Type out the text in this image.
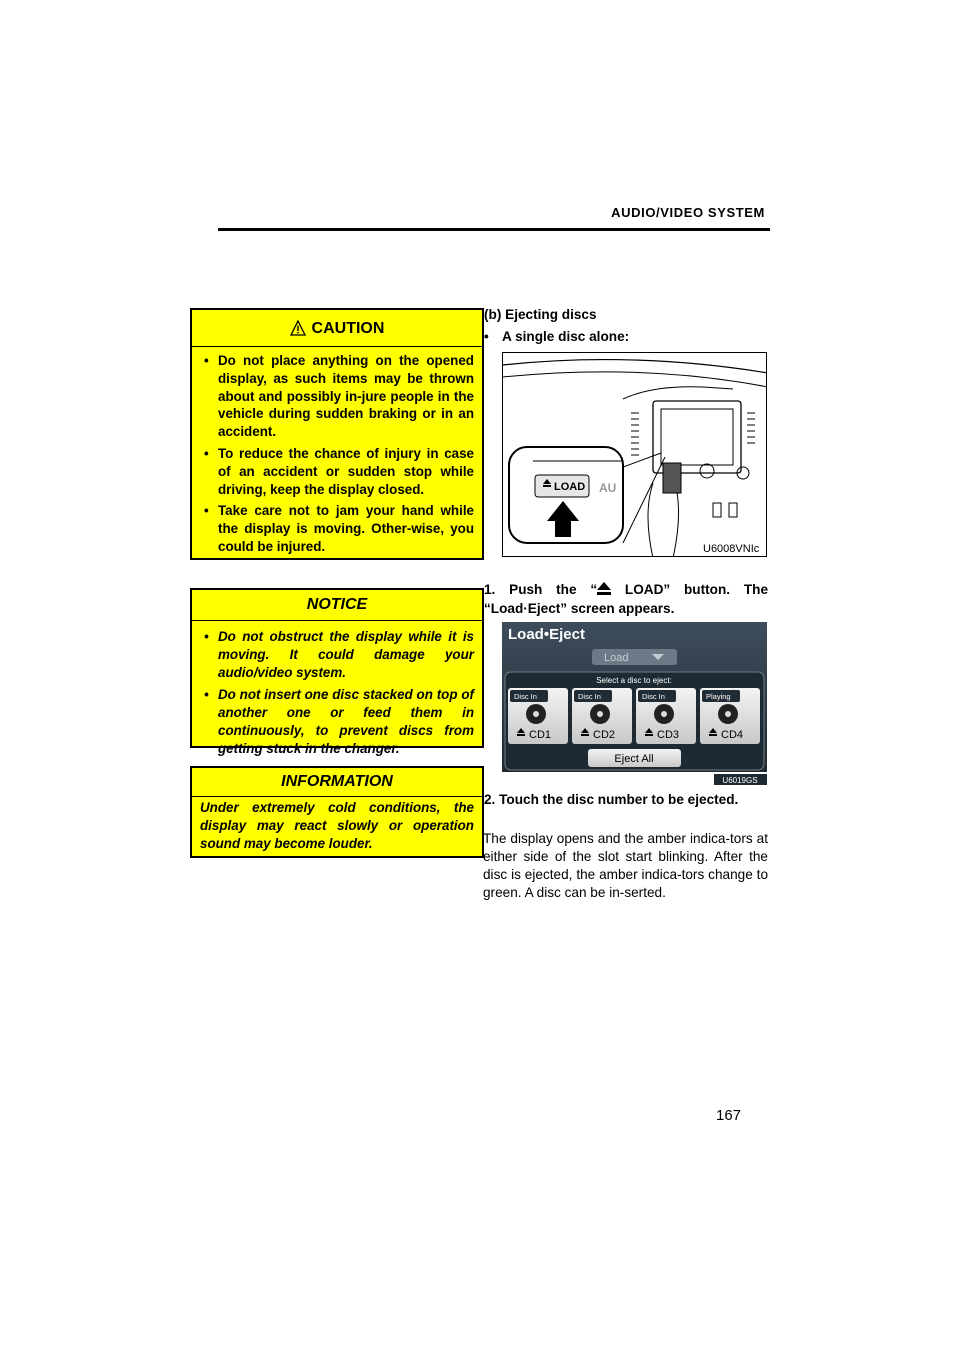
AUDIO/VIDEO SYSTEM
CAUTION
• Do not place anything on the opened display, as such items may be thrown about and possibly in-jure people in the vehicle during sudden braking or in an accident.
• To reduce the chance of injury in case of an accident or sudden stop while driving, keep the display closed.
• Take care not to jam your hand while the display is moving. Other-wise, you could be injured.
NOTICE
• Do not obstruct the display while it is moving. It could damage your audio/video system.
• Do not insert one disc stacked on top of another one or feed them in continuously, to prevent discs from getting stuck in the changer.
INFORMATION

Under extremely cold conditions, the display may react slowly or operation sound may become louder.

(b) Ejecting discs
• A single disc alone:
LOAD AU
U6008VNIc
1. Push the “ LOAD” button. The “Load·Eject” screen appears.
Load•Eject
Load
Select a disc to eject:
Disc In
CD1
Disc In
CD2
Disc In
CD3
Playing
CD4
Eject All
U6019GS
2. Touch the disc number to be ejected.
The display opens and the amber indica-tors at either side of the slot start blinking. After the disc is ejected, the amber indica-tors change to green. A disc can be in-serted.
167
